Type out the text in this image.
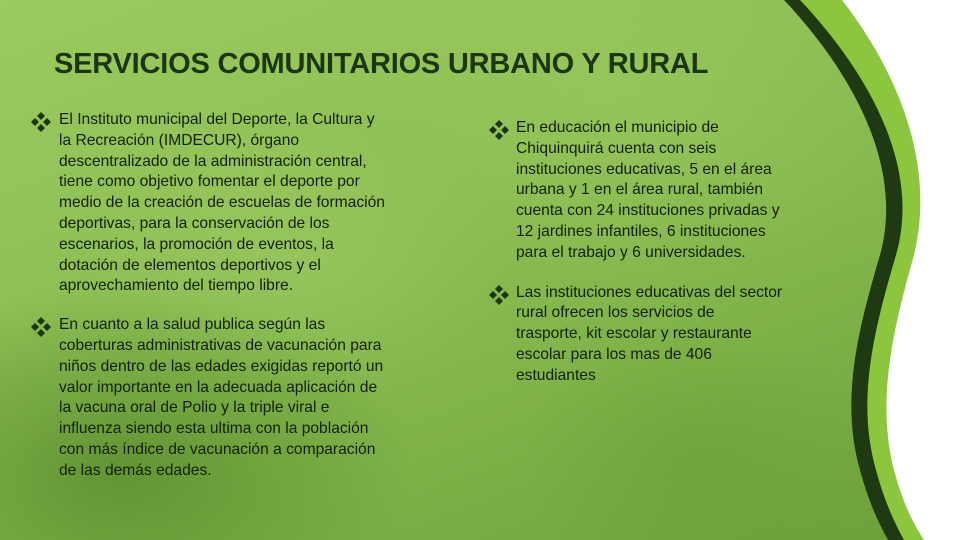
SERVICIOS COMUNITARIOS URBANO Y RURAL

El Instituto municipal del Deporte, la Cultura y
la Recreación (IMDECUR), órgano
descentralizado de la administración central,
tiene como objetivo fomentar el deporte por
medio de la creación de escuelas de formación
deportivas, para la conservación de los
escenarios, la promoción de eventos, la
dotación de elementos deportivos y el
aprovechamiento del tiempo libre.

En cuanto a la salud publica según las
coberturas administrativas de vacunación para
niños dentro de las edades exigidas reportó un
valor importante en la adecuada aplicación de
la vacuna oral de Polio y la triple viral e
influenza siendo esta ultima con la población
con más índice de vacunación a comparación
de las demás edades.

En educación el municipio de
Chiquinquirá cuenta con seis
instituciones educativas, 5 en el área
urbana y 1 en el área rural, también
cuenta con 24 instituciones privadas y
12 jardines infantiles, 6 instituciones
para el trabajo y 6 universidades.

Las instituciones educativas del sector
rural ofrecen los servicios de
trasporte, kit escolar y restaurante
escolar para los mas de 406
estudiantes
